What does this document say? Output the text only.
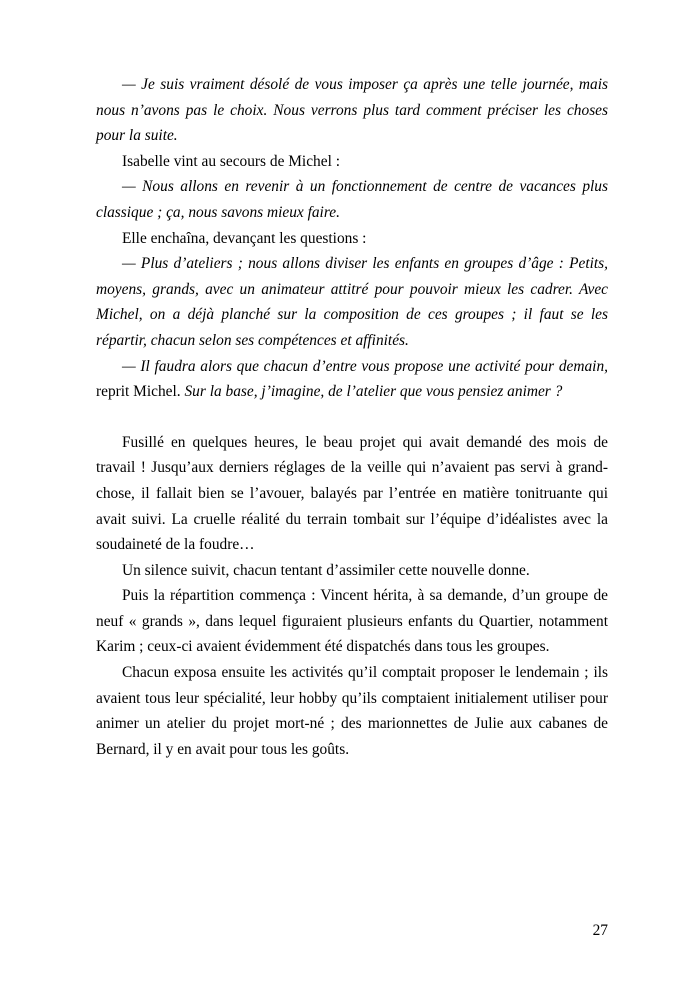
— Je suis vraiment désolé de vous imposer ça après une telle journée, mais nous n’avons pas le choix. Nous verrons plus tard comment préciser les choses pour la suite.

Isabelle vint au secours de Michel :

— Nous allons en revenir à un fonctionnement de centre de vacances plus classique ; ça, nous savons mieux faire.

Elle enchaîna, devançant les questions :

— Plus d’ateliers ; nous allons diviser les enfants en groupes d’âge : Petits, moyens, grands, avec un animateur attitré pour pouvoir mieux les cadrer. Avec Michel, on a déjà planché sur la composition de ces groupes ; il faut se les répartir, chacun selon ses compétences et affinités.

— Il faudra alors que chacun d’entre vous propose une activité pour demain, reprit Michel. Sur la base, j’imagine, de l’atelier que vous pensiez animer ?

Fusillé en quelques heures, le beau projet qui avait demandé des mois de travail ! Jusqu’aux derniers réglages de la veille qui n’avaient pas servi à grand-chose, il fallait bien se l’avouer, balayés par l’entrée en matière tonitruante qui avait suivi. La cruelle réalité du terrain tombait sur l’équipe d’idéalistes avec la soudaineté de la foudre…

Un silence suivit, chacun tentant d’assimiler cette nouvelle donne.

Puis la répartition commença : Vincent hérita, à sa demande, d’un groupe de neuf « grands », dans lequel figuraient plusieurs enfants du Quartier, notamment Karim ; ceux-ci avaient évidemment été dispatchés dans tous les groupes.

Chacun exposa ensuite les activités qu’il comptait proposer le lendemain ; ils avaient tous leur spécialité, leur hobby qu’ils comptaient initialement utiliser pour animer un atelier du projet mort-né ; des marionnettes de Julie aux cabanes de Bernard, il y en avait pour tous les goûts.

27
